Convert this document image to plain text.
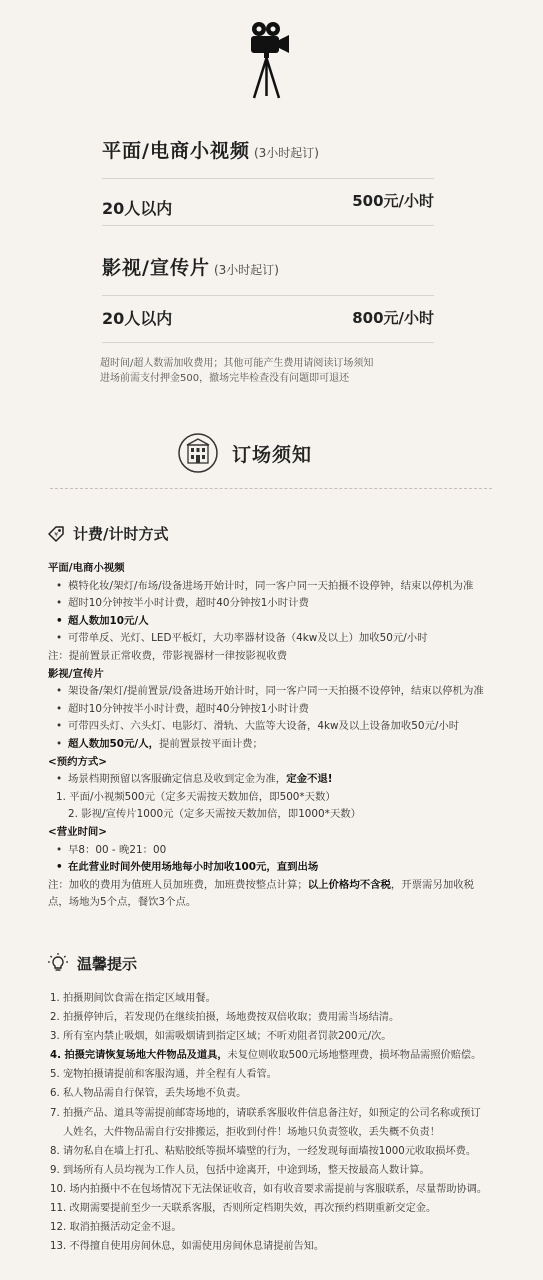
平面/电商小视频 (3小时起订)
20人以内	500元/小时
影视/宣传片 (3小时起订)
20人以内	800元/小时
超时间/超人数需加收费用；其他可能产生费用请阅读订场须知
进场前需支付押金500，撤场完毕检查没有问题即可退还
订场须知
¥ 计费/计时方式
平面/电商小视频
• 模特化妆/架灯/布场/设备进场开始计时，同一客户同一天拍摄不设停钟，结束以停机为准
• 超时10分钟按半小时计费，超时40分钟按1小时计费
• 超人数加10元/人
• 可带单反、光灯、LED平板灯，大功率器材设备（4kw及以上）加收50元/小时
注：提前置景正常收费，带影视器材一律按影视收费
影视/宣传片
• 架设备/架灯/提前置景/设备进场开始计时，同一客户同一天拍摄不设停钟，结束以停机为准
• 超时10分钟按半小时计费，超时40分钟按1小时计费
• 可带四头灯、六头灯、电影灯、滑轨、大监等大设备，4kw及以上设备加收50元/小时
• 超人数加50元/人，提前置景按平面计费；
<预约方式>
• 场景档期预留以客服确定信息及收到定金为准，定金不退!
1. 平面/小视频500元（定多天需按天数加倍，即500*天数）
2. 影视/宣传片1000元（定多天需按天数加倍，即1000*天数）
<营业时间>
• 早8：00 - 晚21：00
• 在此营业时间外使用场地每小时加收100元，直到出场
注：加收的费用为值班人员加班费，加班费按整点计算；以上价格均不含税，开票需另加收税
点，场地为5个点，餐饮3个点。
温馨提示
1. 拍摄期间饮食需在指定区域用餐。
2. 拍摄停钟后，若发现仍在继续拍摄，场地费按双倍收取；费用需当场结清。
3. 所有室内禁止吸烟，如需吸烟请到指定区域；不听劝阻者罚款200元/次。
4. 拍摄完请恢复场地大件物品及道具，未复位则收取500元场地整理费，损坏物品需照价赔偿。
5. 宠物拍摄请提前和客服沟通，并全程有人看管。
6. 私人物品需自行保管，丢失场地不负责。
7. 拍摄产品、道具等需提前邮寄场地的，请联系客服收件信息备注好，如预定的公司名称或预订
人姓名，大件物品需自行安排搬运，拒收到付件！场地只负责签收，丢失概不负责！
8. 请勿私自在墙上打孔、粘贴胶纸等损坏墙壁的行为，一经发现每面墙按1000元收取损坏费。
9. 到场所有人员均视为工作人员，包括中途离开，中途到场，整天按最高人数计算。
10. 场内拍摄中不在包场情况下无法保证收音，如有收音要求需提前与客服联系，尽量帮助协调。
11. 改期需要提前至少一天联系客服，否则所定档期失效，再次预约档期重新交定金。
12. 取消拍摄活动定金不退。
13. 不得擅自使用房间休息，如需使用房间休息请提前告知。
